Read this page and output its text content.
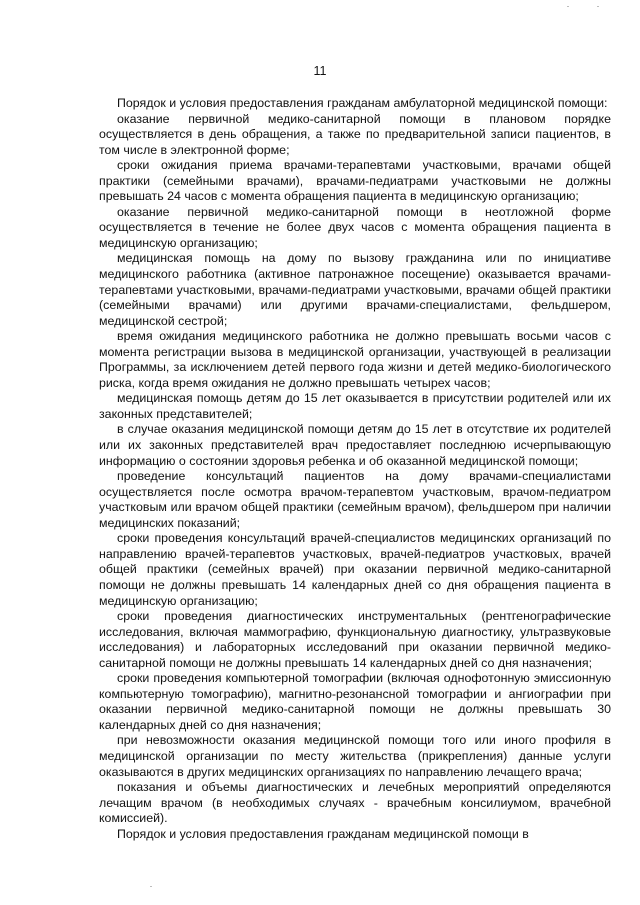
11

Порядок и условия предоставления гражданам амбулаторной медицинской помощи:

оказание первичной медико-санитарной помощи в плановом порядке осуществляется в день обращения, а также по предварительной записи пациентов, в том числе в электронной форме;

сроки ожидания приема врачами-терапевтами участковыми, врачами общей практики (семейными врачами), врачами-педиатрами участковыми не должны превышать 24 часов с момента обращения пациента в медицинскую организацию;

оказание первичной медико-санитарной помощи в неотложной форме осуществляется в течение не более двух часов с момента обращения пациента в медицинскую организацию;

медицинская помощь на дому по вызову гражданина или по инициативе медицинского работника (активное патронажное посещение) оказывается врачами-терапевтами участковыми, врачами-педиатрами участковыми, врачами общей практики (семейными врачами) или другими врачами-специалистами, фельдшером, медицинской сестрой;

время ожидания медицинского работника не должно превышать восьми часов с момента регистрации вызова в медицинской организации, участвующей в реализации Программы, за исключением детей первого года жизни и детей медико-биологического риска, когда время ожидания не должно превышать четырех часов;

медицинская помощь детям до 15 лет оказывается в присутствии родителей или их законных представителей;

в случае оказания медицинской помощи детям до 15 лет в отсутствие их родителей или их законных представителей врач предоставляет последнюю исчерпывающую информацию о состоянии здоровья ребенка и об оказанной медицинской помощи;

проведение консультаций пациентов на дому врачами-специалистами осуществляется после осмотра врачом-терапевтом участковым, врачом-педиатром участковым или врачом общей практики (семейным врачом), фельдшером при наличии медицинских показаний;

сроки проведения консультаций врачей-специалистов медицинских организаций по направлению врачей-терапевтов участковых, врачей-педиатров участковых, врачей общей практики (семейных врачей) при оказании первичной медико-санитарной помощи не должны превышать 14 календарных дней со дня обращения пациента в медицинскую организацию;

сроки проведения диагностических инструментальных (рентгенографические исследования, включая маммографию, функциональную диагностику, ультразвуковые исследования) и лабораторных исследований при оказании первичной медико-санитарной помощи не должны превышать 14 календарных дней со дня назначения;

сроки проведения компьютерной томографии (включая однофотонную эмиссионную компьютерную томографию), магнитно-резонансной томографии и ангиографии при оказании первичной медико-санитарной помощи не должны превышать 30 календарных дней со дня назначения;

при невозможности оказания медицинской помощи того или иного профиля в медицинской организации по месту жительства (прикрепления) данные услуги оказываются в других медицинских организациях по направлению лечащего врача;

показания и объемы диагностических и лечебных мероприятий определяются лечащим врачом (в необходимых случаях - врачебным консилиумом, врачебной комиссией).

Порядок и условия предоставления гражданам медицинской помощи в
